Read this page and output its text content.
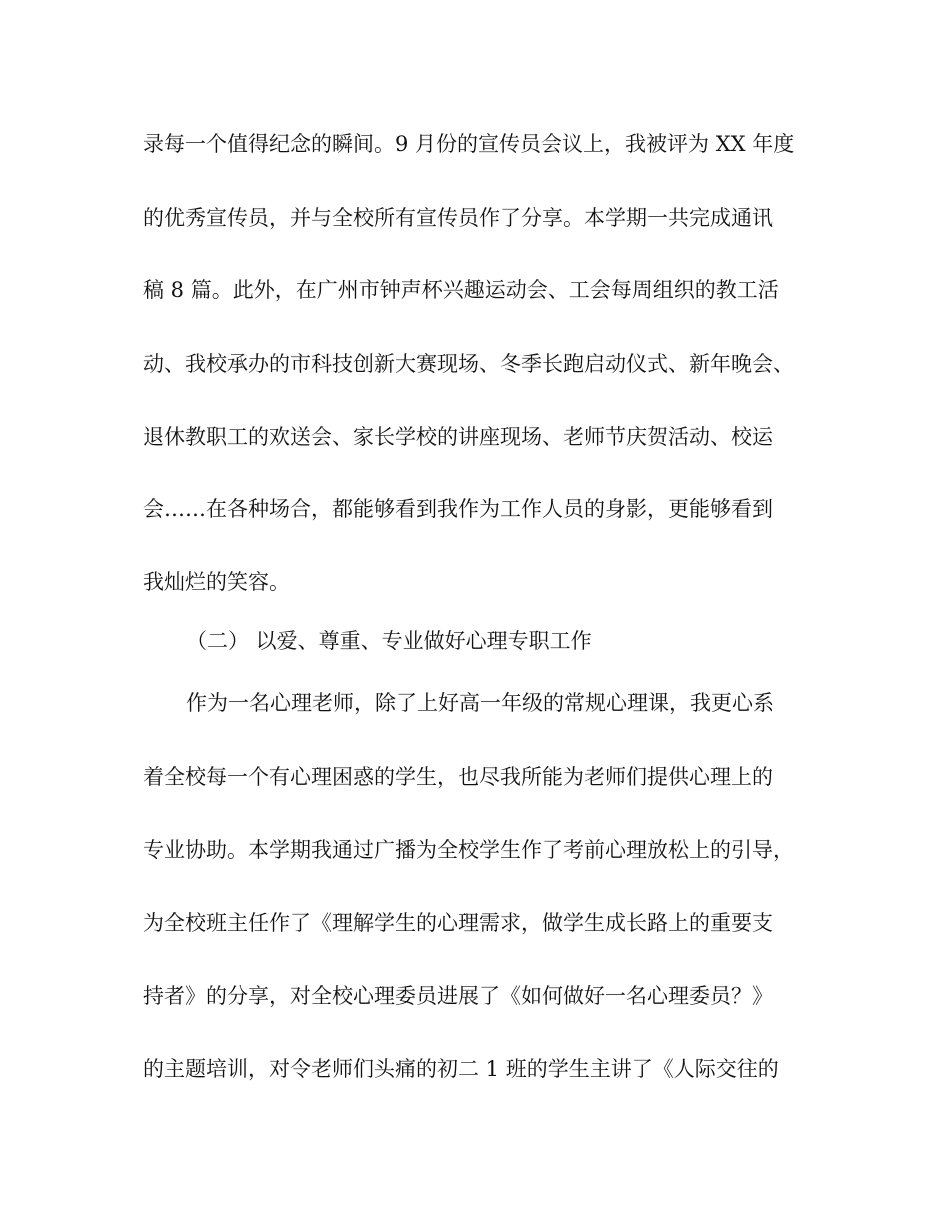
录每一个值得纪念的瞬间。9 月份的宣传员会议上，我被评为 XX 年度
的优秀宣传员，并与全校所有宣传员作了分享。本学期一共完成通讯
稿 8 篇。此外，在广州市钟声杯兴趣运动会、工会每周组织的教工活
动、我校承办的市科技创新大赛现场、冬季长跑启动仪式、新年晚会、
退休教职工的欢送会、家长学校的讲座现场、老师节庆贺活动、校运
会……在各种场合，都能够看到我作为工作人员的身影，更能够看到
我灿烂的笑容。
（二） 以爱、尊重、专业做好心理专职工作
作为一名心理老师，除了上好高一年级的常规心理课，我更心系
着全校每一个有心理困惑的学生，也尽我所能为老师们提供心理上的
专业协助。本学期我通过广播为全校学生作了考前心理放松上的引导，
为全校班主任作了《理解学生的心理需求，做学生成长路上的重要支
持者》的分享，对全校心理委员进展了《如何做好一名心理委员？》
的主题培训，对令老师们头痛的初二 1 班的学生主讲了《人际交往的
